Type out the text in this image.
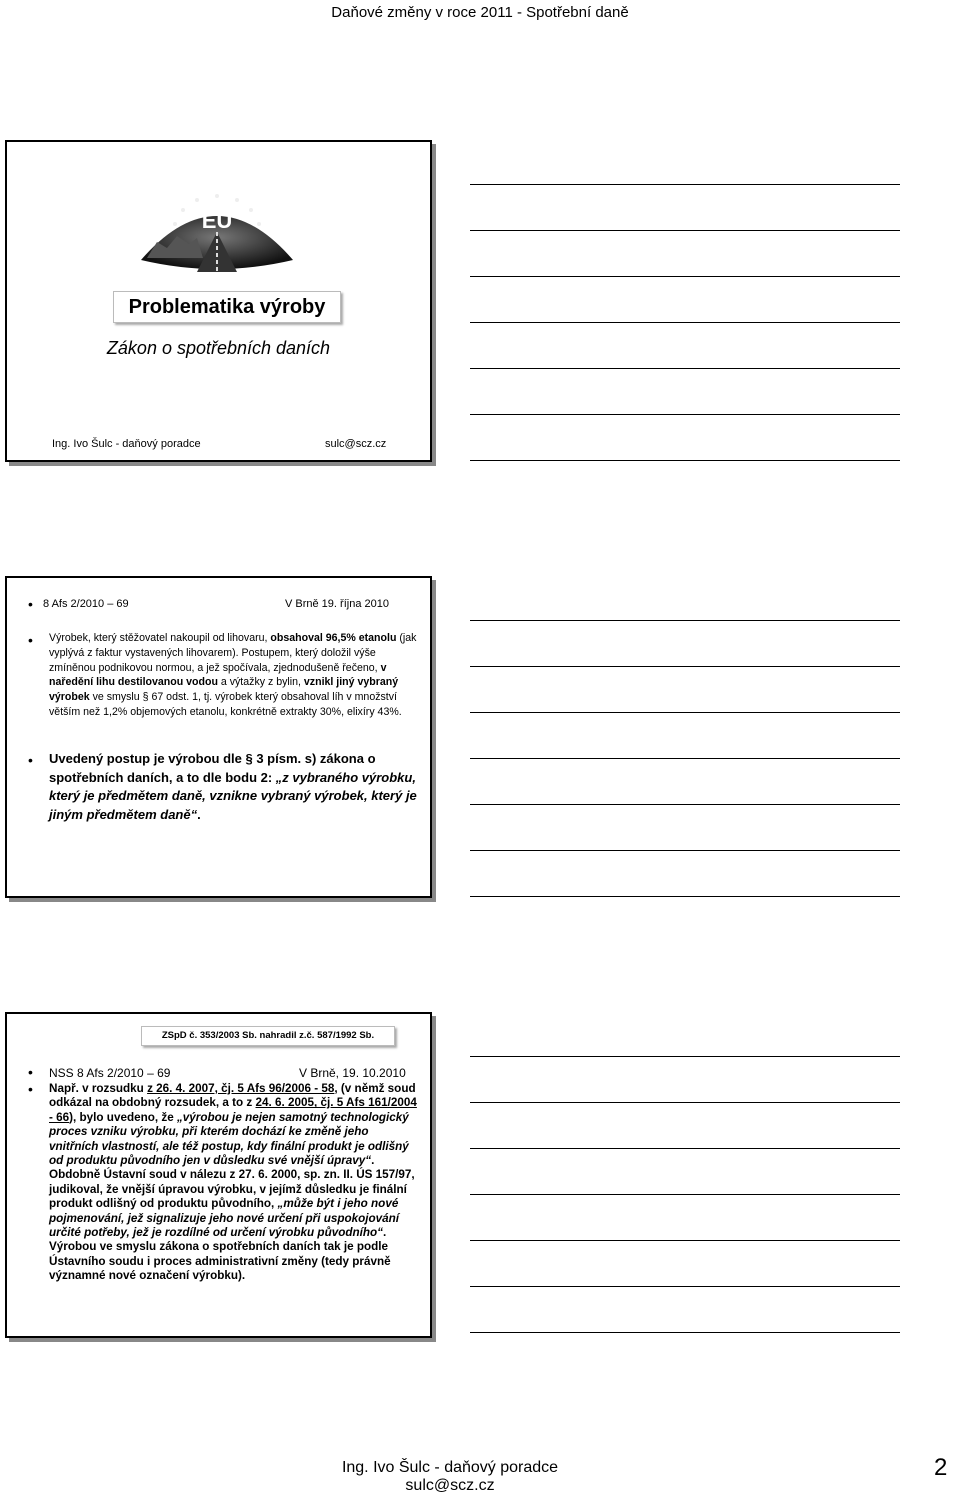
Daňové změny v roce 2011 - Spotřební daně
EU
Problematika výroby
Zákon o spotřebních daních
Ing. Ivo Šulc - daňový poradce	sulc@scz.cz
• 8 Afs 2/2010 – 69	V Brně 19. října 2010
• Výrobek, který stěžovatel nakoupil od lihovaru, obsahoval 96,5% etanolu (jak vyplývá z faktur vystavených lihovarem). Postupem, který doložil výše zmíněnou podnikovou normou, a jež spočívala, zjednodušeně řečeno, v naředění lihu destilovanou vodou a výtažky z bylin, vznikl jiný vybraný výrobek ve smyslu § 67 odst. 1, tj. výrobek který obsahoval líh v množství větším než 1,2% objemových etanolu, konkrétně extrakty 30%, elixíry 43%.
• Uvedený postup je výrobou dle § 3 písm. s) zákona o spotřebních daních, a to dle bodu 2: „z vybraného výrobku, který je předmětem daně, vznikne vybraný výrobek, který je jiným předmětem daně“.
ZSpD č. 353/2003 Sb. nahradil z.č. 587/1992 Sb.
• NSS 8 Afs 2/2010 – 69	V Brně, 19. 10.2010
• Např. v rozsudku z 26. 4. 2007, čj. 5 Afs 96/2006 - 58, (v němž soud odkázal na obdobný rozsudek, a to z 24. 6. 2005, čj. 5 Afs 161/2004 - 66), bylo uvedeno, že „výrobou je nejen samotný technologický proces vzniku výrobku, při kterém dochází ke změně jeho vnitřních vlastností, ale též postup, kdy finální produkt je odlišný od produktu původního jen v důsledku své vnější úpravy“. Obdobně Ústavní soud v nálezu z 27. 6. 2000, sp. zn. II. ÚS 157/97, judikoval, že vnější úpravou výrobku, v jejímž důsledku je finální produkt odlišný od produktu původního, „může být i jeho nové pojmenování, jež signalizuje jeho nové určení při uspokojování určité potřeby, jež je rozdílné od určení výrobku původního“. Výrobou ve smyslu zákona o spotřebních daních tak je podle Ústavního soudu i proces administrativní změny (tedy právně významné nové označení výrobku).
Ing. Ivo Šulc - daňový poradce
sulc@scz.cz
2
